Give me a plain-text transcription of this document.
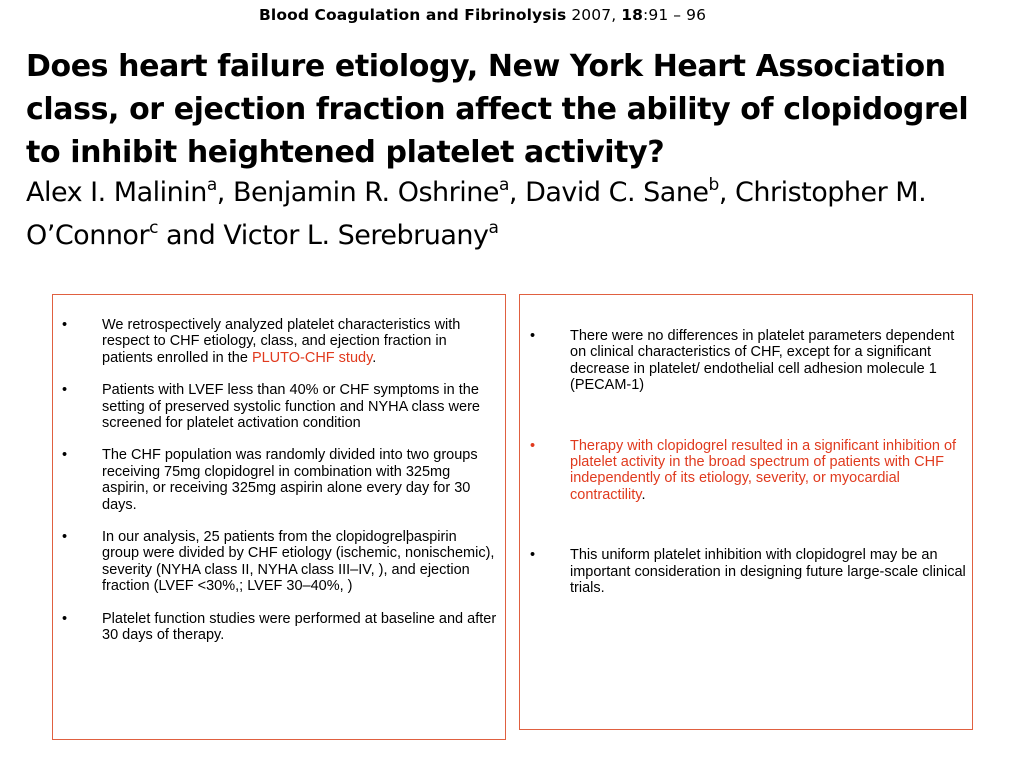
Blood Coagulation and Fibrinolysis 2007, 18:91 – 96
Does heart failure etiology, New York Heart Association class, or ejection fraction affect the ability of clopidogrel to inhibit heightened platelet activity?

Alex I. Malinin$^a$, Benjamin R. Oshrine$^a$, David C. Sane$^b$, Christopher M. O’Connor$^c$ and Victor L. Serebruany$^a$

•	We retrospectively analyzed platelet characteristics with respect to CHF etiology, class, and ejection fraction in patients enrolled in the PLUTO-CHF study.
•	Patients with LVEF less than 40% or CHF symptoms in the setting of preserved systolic function and NYHA class were screened for platelet activation condition
•	The CHF population was randomly divided into two groups receiving 75mg clopidogrel in combination with 325mg aspirin, or receiving 325mg aspirin alone every day for 30 days.
•	In our analysis, 25 patients from the clopidogrelþaspirin group were divided by CHF etiology (ischemic, nonischemic), severity (NYHA class II, NYHA class III–IV, ), and ejection fraction (LVEF <30%,; LVEF 30–40%, )
•	Platelet function studies were performed at baseline and after 30 days of therapy.
•	There were no differences in platelet parameters dependent on clinical characteristics of CHF, except for a significant decrease in platelet/ endothelial cell adhesion molecule 1 (PECAM-1)
•	Therapy with clopidogrel resulted in a significant inhibition of platelet activity in the broad spectrum of patients with CHF independently of its etiology, severity, or myocardial contractility.
•	This uniform platelet inhibition with clopidogrel may be an important consideration in designing future large-scale clinical trials.
